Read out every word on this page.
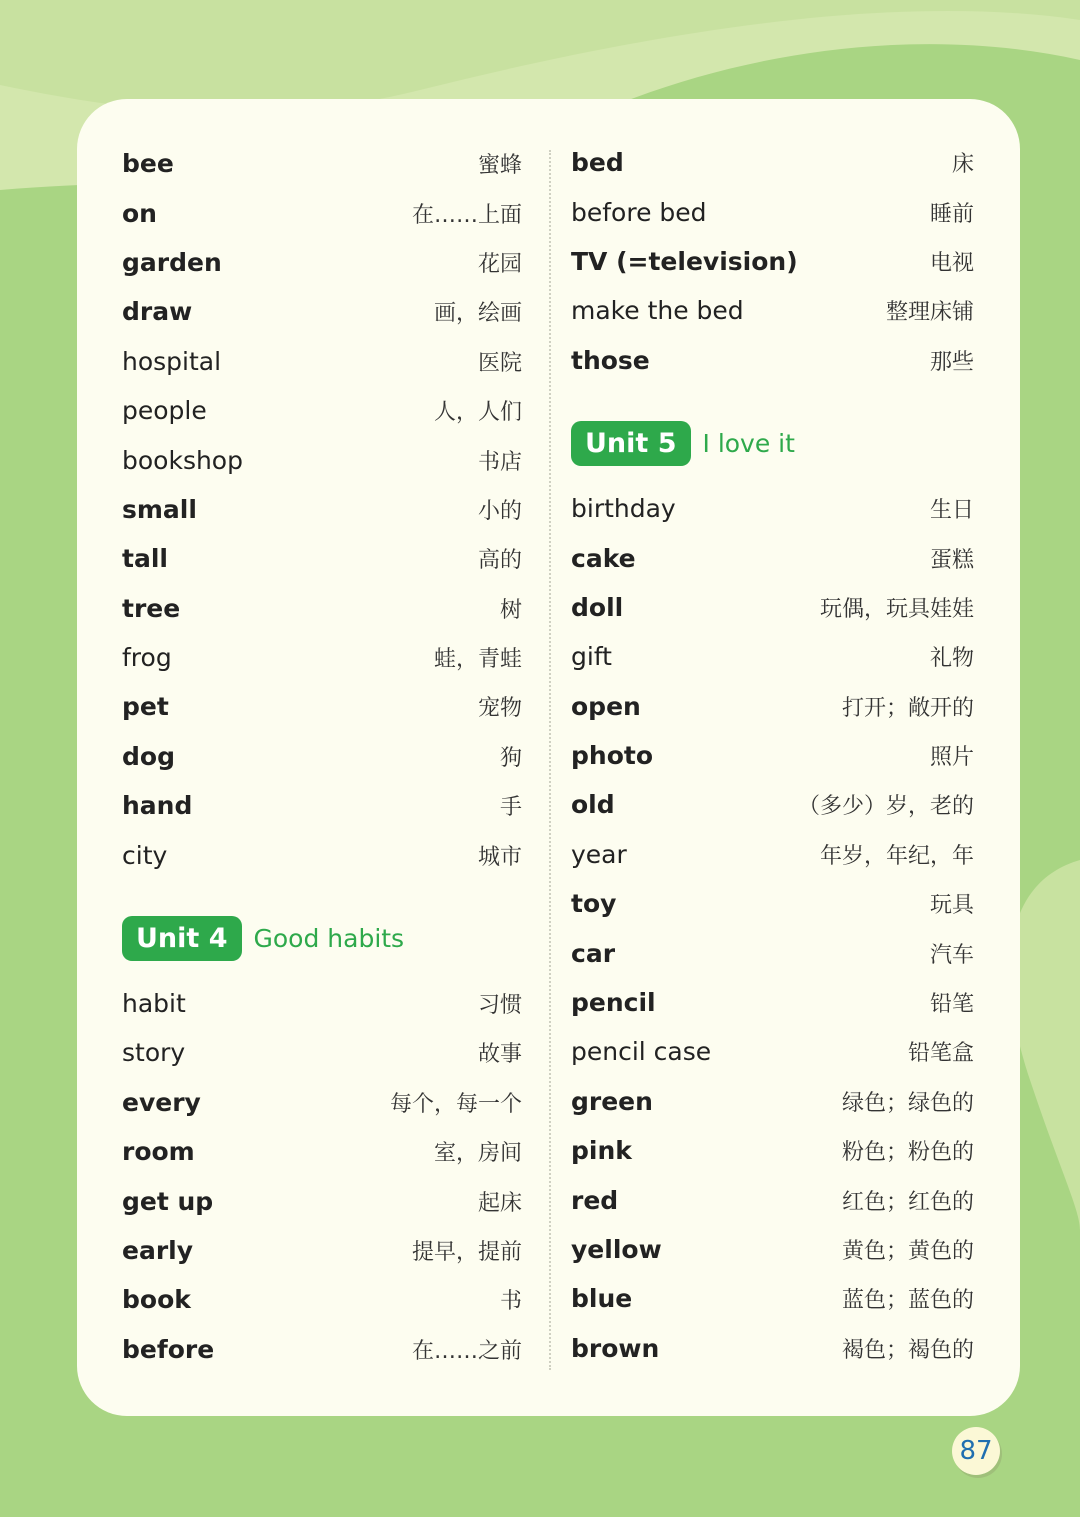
bee	蜜蜂
on	在……上面
garden	花园
draw	画，绘画
hospital	医院
people	人，人们
bookshop	书店
small	小的
tall	高的
tree	树
frog	蛙，青蛙
pet	宠物
dog	狗
hand	手
city	城市
Unit 4	Good habits
habit	习惯
story	故事
every	每个，每一个
room	室，房间
get up	起床
early	提早，提前
book	书
before	在……之前
bed	床
before bed	睡前
TV (=television)	电视
make the bed	整理床铺
those	那些
Unit 5	I love it
birthday	生日
cake	蛋糕
doll	玩偶，玩具娃娃
gift	礼物
open	打开；敞开的
photo	照片
old	（多少）岁，老的
year	年岁，年纪，年
toy	玩具
car	汽车
pencil	铅笔
pencil case	铅笔盒
green	绿色；绿色的
pink	粉色；粉色的
red	红色；红色的
yellow	黄色；黄色的
blue	蓝色；蓝色的
brown	褐色；褐色的
87
